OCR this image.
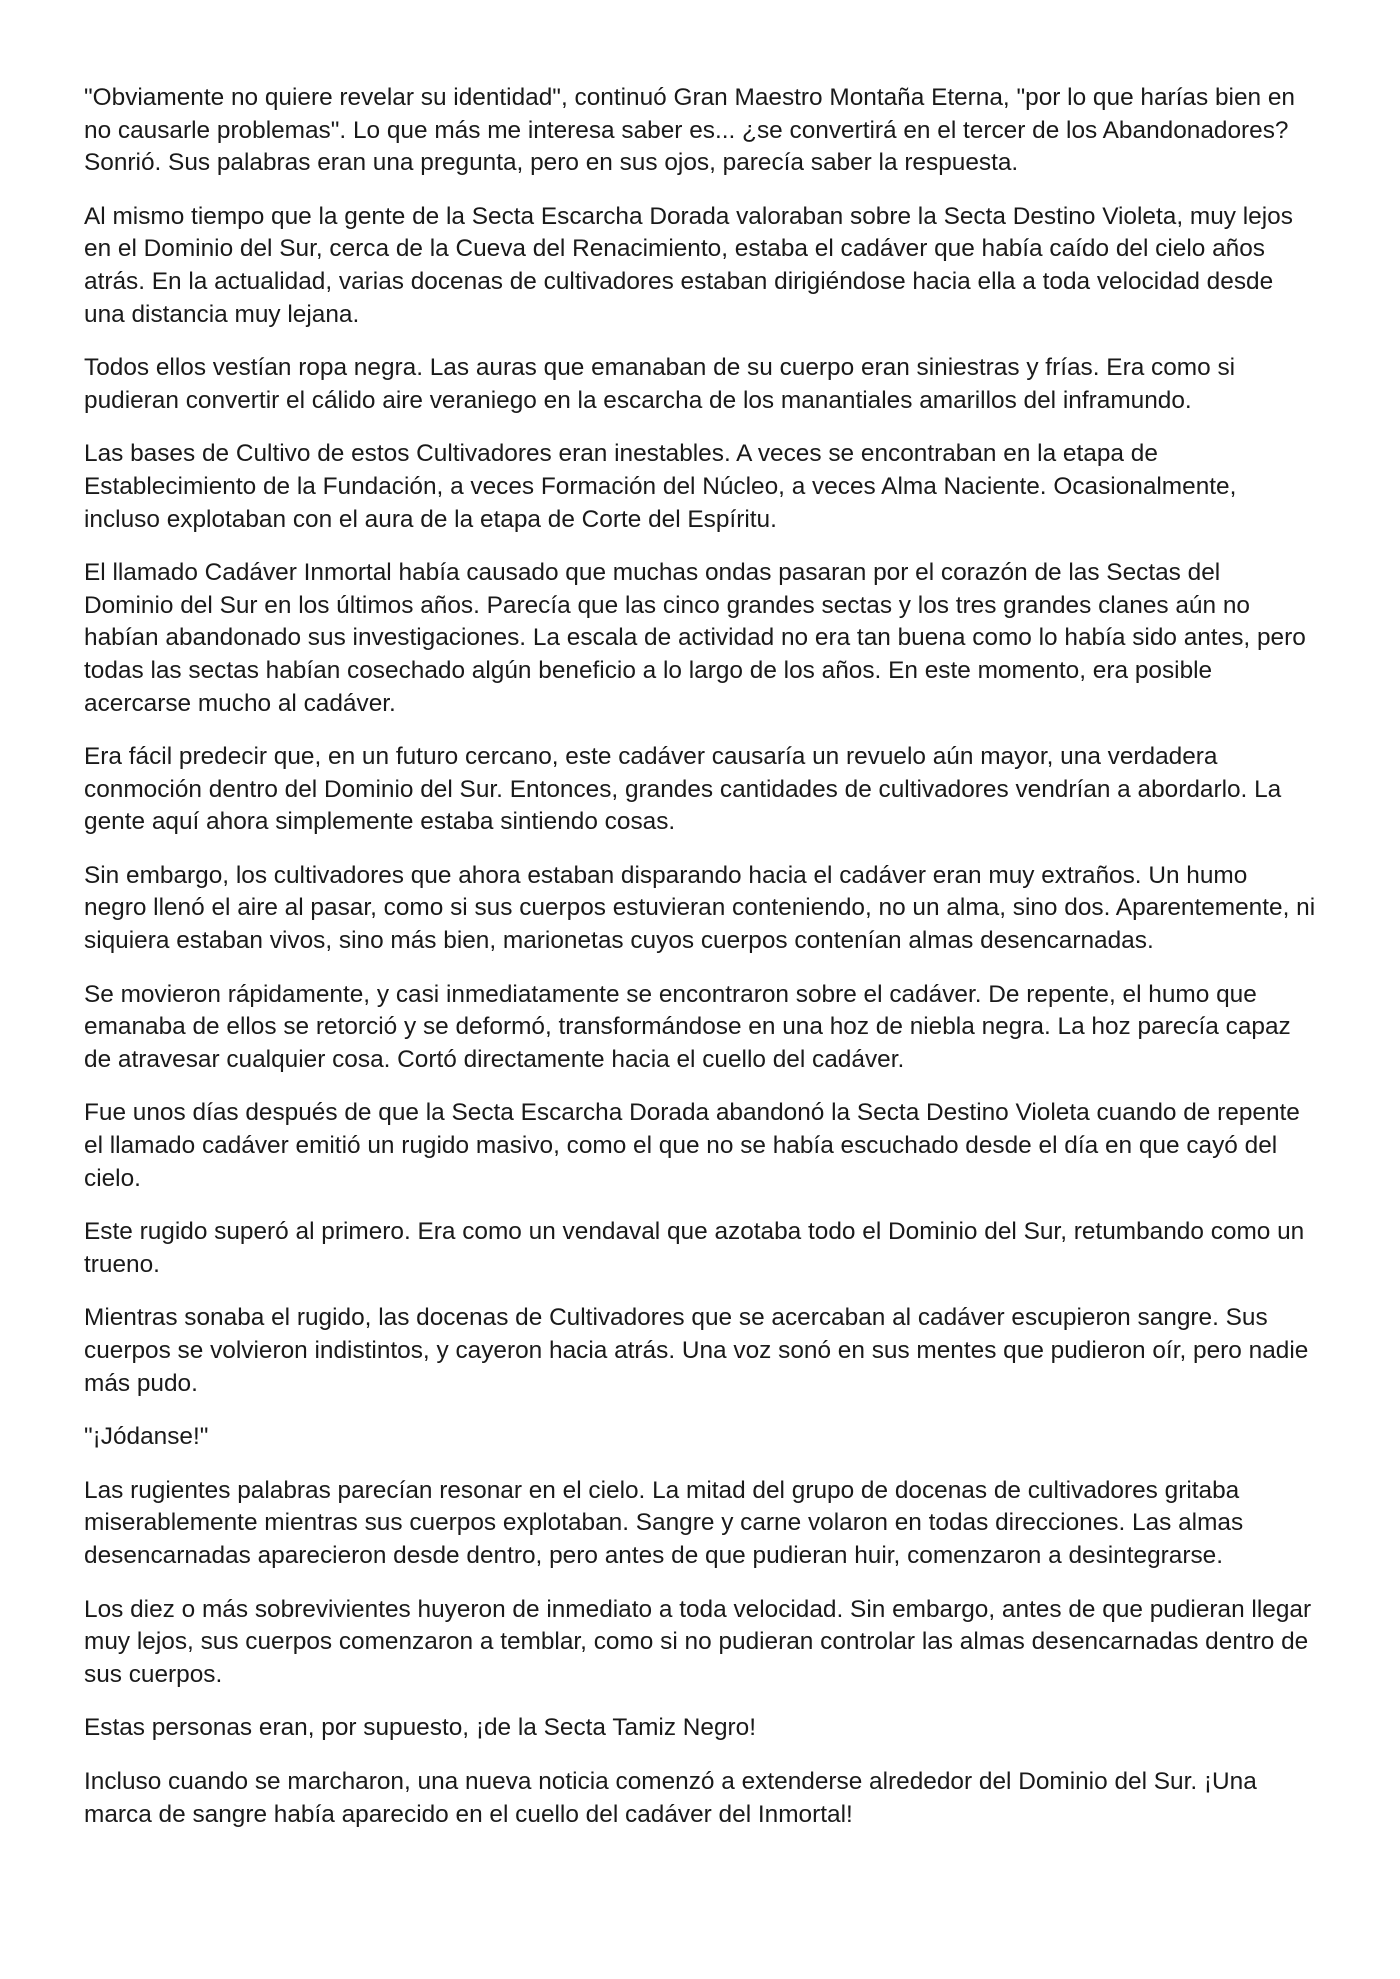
"Obviamente no quiere revelar su identidad", continuó Gran Maestro Montaña Eterna, "por lo que harías bien en no causarle problemas". Lo que más me interesa saber es... ¿se convertirá en el tercer de los Abandonadores? Sonrió. Sus palabras eran una pregunta, pero en sus ojos, parecía saber la respuesta.

Al mismo tiempo que la gente de la Secta Escarcha Dorada valoraban sobre la Secta Destino Violeta, muy lejos en el Dominio del Sur, cerca de la Cueva del Renacimiento, estaba el cadáver que había caído del cielo años atrás. En la actualidad, varias docenas de cultivadores estaban dirigiéndose hacia ella a toda velocidad desde una distancia muy lejana.

Todos ellos vestían ropa negra. Las auras que emanaban de su cuerpo eran siniestras y frías. Era como si pudieran convertir el cálido aire veraniego en la escarcha de los manantiales amarillos del inframundo.

Las bases de Cultivo de estos Cultivadores eran inestables. A veces se encontraban en la etapa de Establecimiento de la Fundación, a veces Formación del Núcleo, a veces Alma Naciente. Ocasionalmente, incluso explotaban con el aura de la etapa de Corte del Espíritu.

El llamado Cadáver Inmortal había causado que muchas ondas pasaran por el corazón de las Sectas del Dominio del Sur en los últimos años. Parecía que las cinco grandes sectas y los tres grandes clanes aún no habían abandonado sus investigaciones. La escala de actividad no era tan buena como lo había sido antes, pero todas las sectas habían cosechado algún beneficio a lo largo de los años. En este momento, era posible acercarse mucho al cadáver.

Era fácil predecir que, en un futuro cercano, este cadáver causaría un revuelo aún mayor, una verdadera conmoción dentro del Dominio del Sur. Entonces, grandes cantidades de cultivadores vendrían a abordarlo. La gente aquí ahora simplemente estaba sintiendo cosas.

Sin embargo, los cultivadores que ahora estaban disparando hacia el cadáver eran muy extraños. Un humo negro llenó el aire al pasar, como si sus cuerpos estuvieran conteniendo, no un alma, sino dos. Aparentemente, ni siquiera estaban vivos, sino más bien, marionetas cuyos cuerpos contenían almas desencarnadas.

Se movieron rápidamente, y casi inmediatamente se encontraron sobre el cadáver. De repente, el humo que emanaba de ellos se retorció y se deformó, transformándose en una hoz de niebla negra. La hoz parecía capaz de atravesar cualquier cosa. Cortó directamente hacia el cuello del cadáver.

Fue unos días después de que la Secta Escarcha Dorada abandonó la Secta Destino Violeta cuando de repente el llamado cadáver emitió un rugido masivo, como el que no se había escuchado desde el día en que cayó del cielo.

Este rugido superó al primero. Era como un vendaval que azotaba todo el Dominio del Sur, retumbando como un trueno.

Mientras sonaba el rugido, las docenas de Cultivadores que se acercaban al cadáver escupieron sangre. Sus cuerpos se volvieron indistintos, y cayeron hacia atrás. Una voz sonó en sus mentes que pudieron oír, pero nadie más pudo.

"¡Jódanse!"

Las rugientes palabras parecían resonar en el cielo. La mitad del grupo de docenas de cultivadores gritaba miserablemente mientras sus cuerpos explotaban. Sangre y carne volaron en todas direcciones. Las almas desencarnadas aparecieron desde dentro, pero antes de que pudieran huir, comenzaron a desintegrarse.

Los diez o más sobrevivientes huyeron de inmediato a toda velocidad. Sin embargo, antes de que pudieran llegar muy lejos, sus cuerpos comenzaron a temblar, como si no pudieran controlar las almas desencarnadas dentro de sus cuerpos.

Estas personas eran, por supuesto, ¡de la Secta Tamiz Negro!

Incluso cuando se marcharon, una nueva noticia comenzó a extenderse alrededor del Dominio del Sur. ¡Una marca de sangre había aparecido en el cuello del cadáver del Inmortal!
